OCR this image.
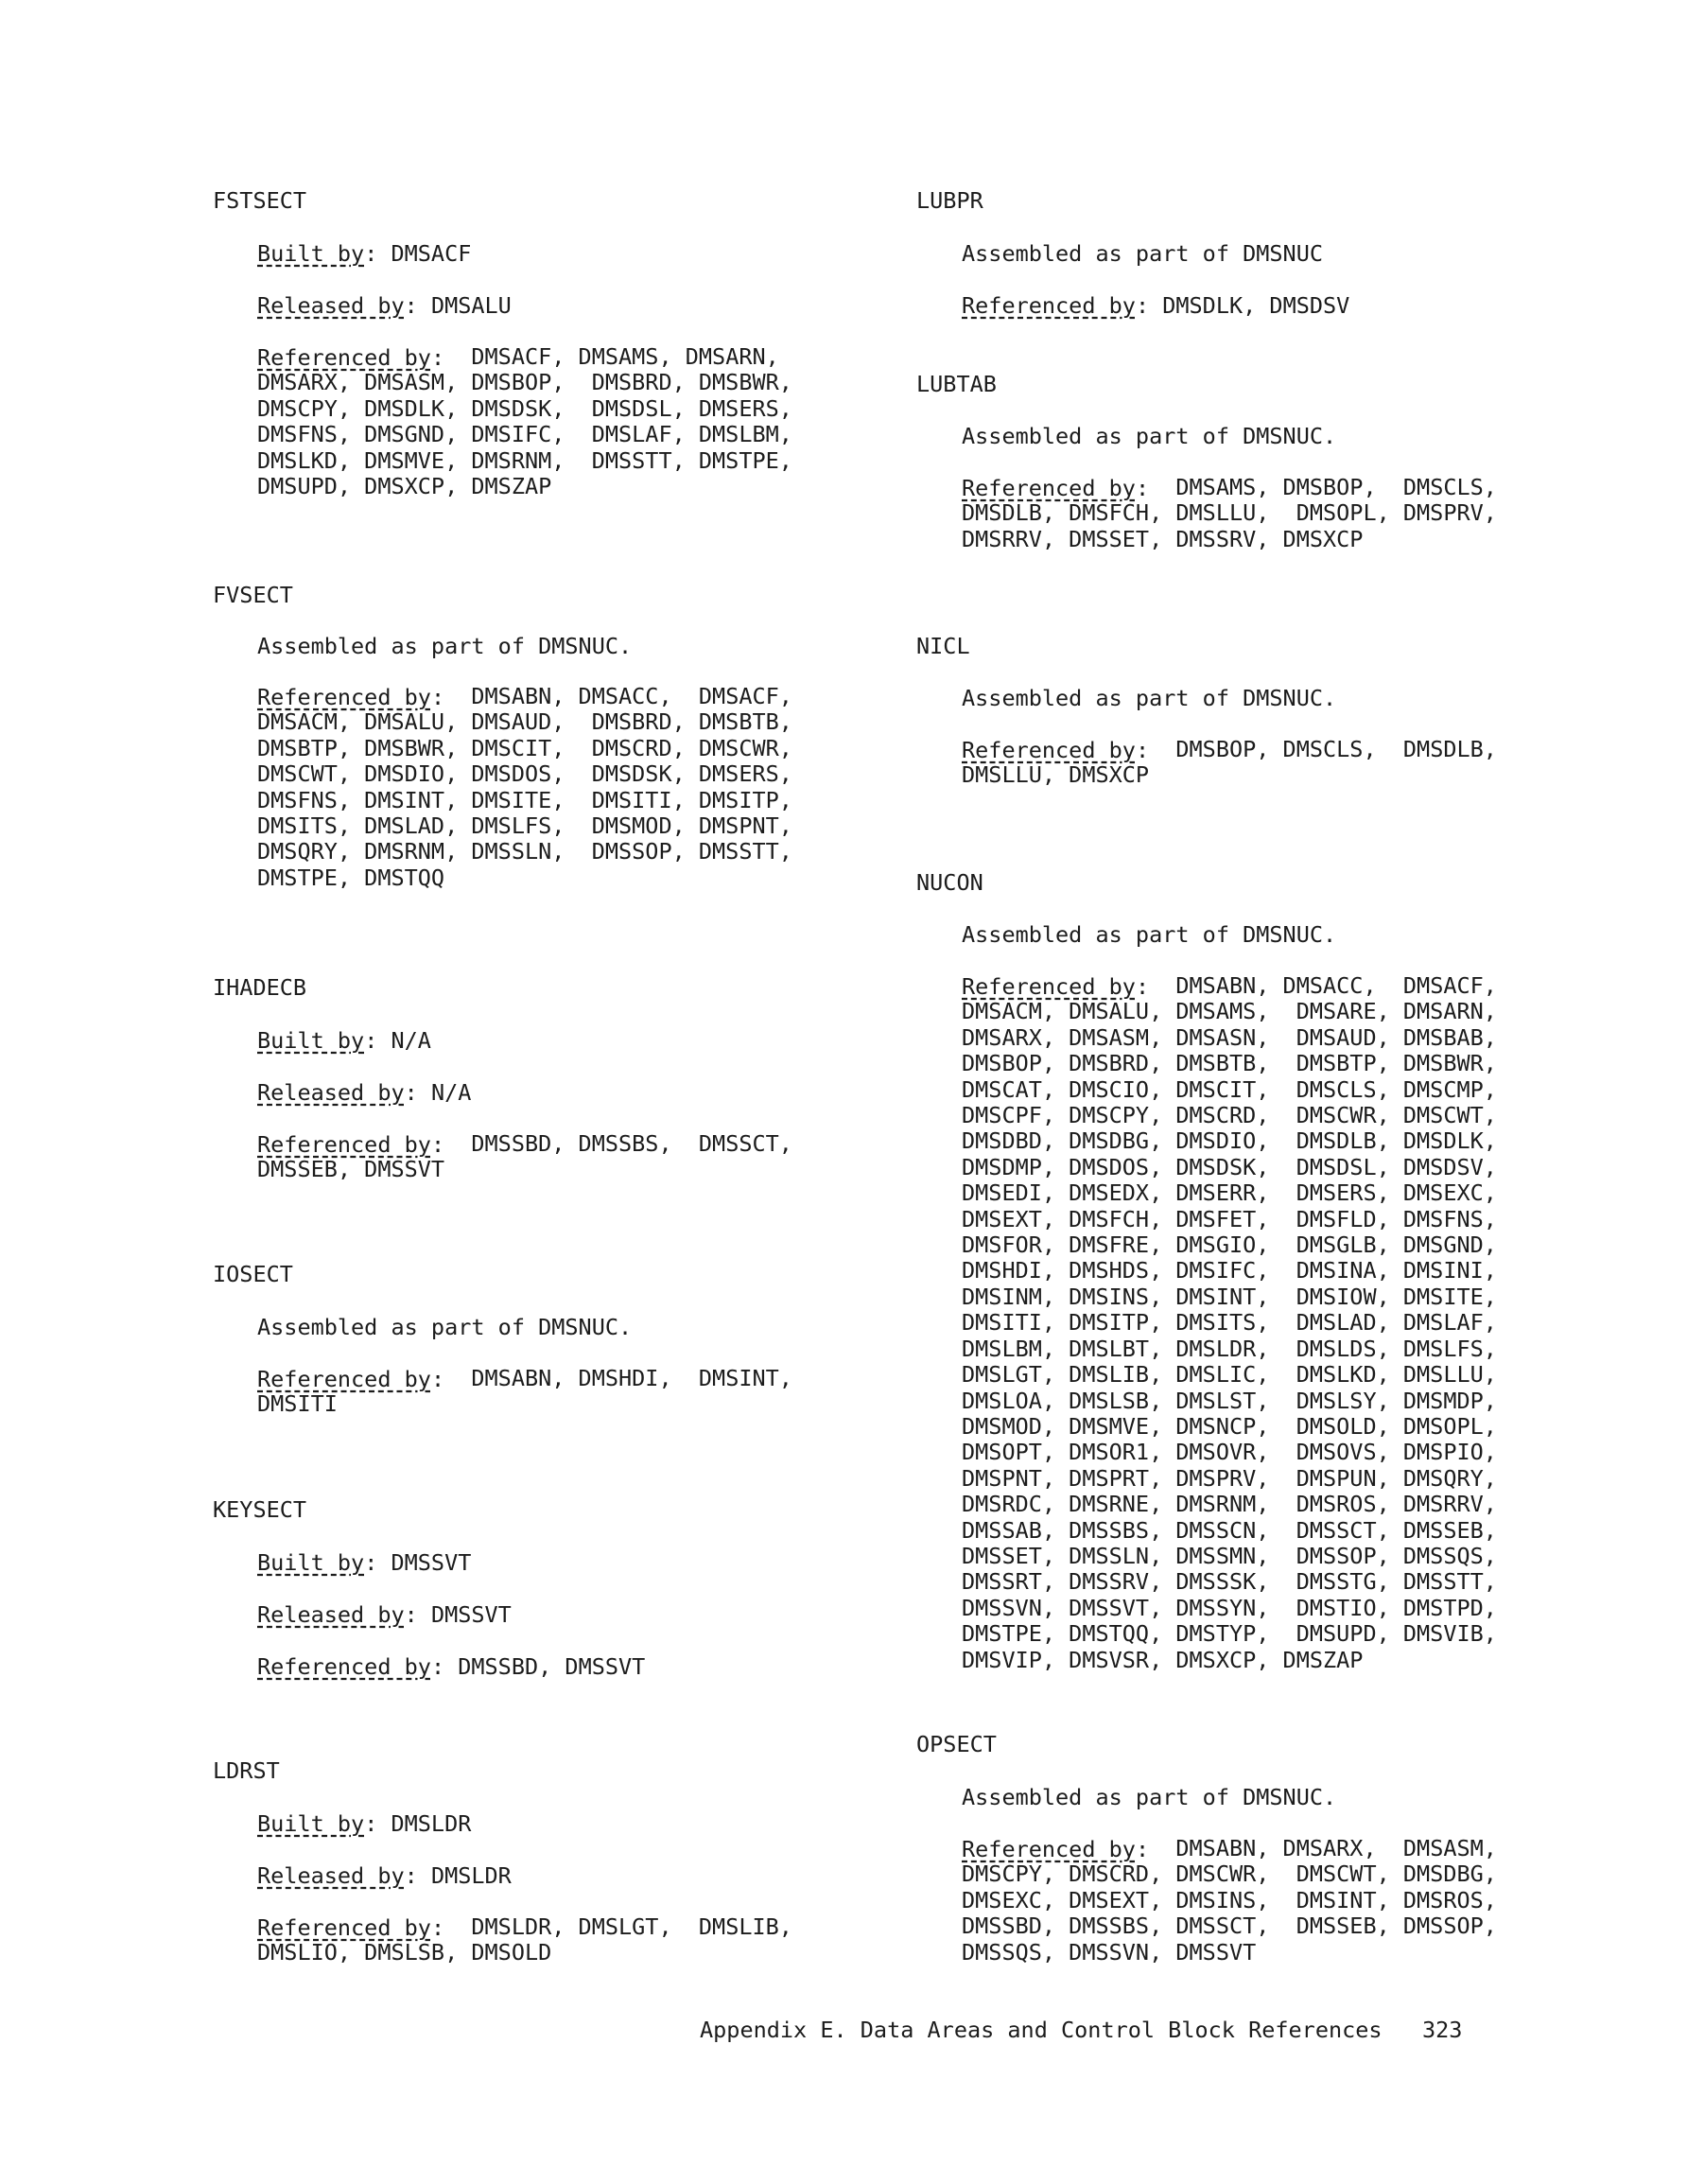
FSTSECT
Built by: DMSACF
Released by: DMSALU
Referenced by:	DMSACF, DMSAMS, DMSARN,
DMSARX, DMSASM, DMSBOP,  DMSBRD, DMSBWR,
DMSCPY, DMSDLK, DMSDSK,  DMSDSL, DMSERS,
DMSFNS, DMSGND, DMSIFC,  DMSLAF, DMSLBM,
DMSLKD, DMSMVE, DMSRNM,  DMSSTT, DMSTPE,
DMSUPD, DMSXCP, DMSZAP
FVSECT
Assembled as part of DMSNUC.
Referenced by:	DMSABN, DMSACC,  DMSACF,
DMSACM, DMSALU, DMSAUD,  DMSBRD, DMSBTB,
DMSBTP, DMSBWR, DMSCIT,  DMSCRD, DMSCWR,
DMSCWT, DMSDIO, DMSDOS,  DMSDSK, DMSERS,
DMSFNS, DMSINT, DMSITE,  DMSITI, DMSITP,
DMSITS, DMSLAD, DMSLFS,  DMSMOD, DMSPNT,
DMSQRY, DMSRNM, DMSSLN,  DMSSOP, DMSSTT,
DMSTPE, DMSTQQ
IHADECB
Built by: N/A
Released by: N/A
Referenced by:	DMSSBD, DMSSBS,  DMSSCT,
DMSSEB, DMSSVT
IOSECT
Assembled as part of DMSNUC.
Referenced by:	DMSABN, DMSHDI,  DMSINT,
DMSITI
KEYSECT
Built by: DMSSVT
Released by: DMSSVT
Referenced by: DMSSBD, DMSSVT
LDRST
Built by: DMSLDR
Released by: DMSLDR
Referenced by:	DMSLDR, DMSLGT,  DMSLIB,
DMSLIO, DMSLSB, DMSOLD
LUBPR
Assembled as part of DMSNUC
Referenced by: DMSDLK, DMSDSV
LUBTAB
Assembled as part of DMSNUC.
Referenced by:	DMSAMS, DMSBOP,  DMSCLS,
DMSDLB, DMSFCH, DMSLLU,  DMSOPL, DMSPRV,
DMSRRV, DMSSET, DMSSRV, DMSXCP
NICL
Assembled as part of DMSNUC.
Referenced by:	DMSBOP, DMSCLS,  DMSDLB,
DMSLLU, DMSXCP
NUCON
Assembled as part of DMSNUC.
Referenced by:	DMSABN, DMSACC,  DMSACF,
DMSACM, DMSALU, DMSAMS,  DMSARE, DMSARN,
DMSARX, DMSASM, DMSASN,  DMSAUD, DMSBAB,
DMSBOP, DMSBRD, DMSBTB,  DMSBTP, DMSBWR,
DMSCAT, DMSCIO, DMSCIT,  DMSCLS, DMSCMP,
DMSCPF, DMSCPY, DMSCRD,  DMSCWR, DMSCWT,
DMSDBD, DMSDBG, DMSDIO,  DMSDLB, DMSDLK,
DMSDMP, DMSDOS, DMSDSK,  DMSDSL, DMSDSV,
DMSEDI, DMSEDX, DMSERR,  DMSERS, DMSEXC,
DMSEXT, DMSFCH, DMSFET,  DMSFLD, DMSFNS,
DMSFOR, DMSFRE, DMSGIO,  DMSGLB, DMSGND,
DMSHDI, DMSHDS, DMSIFC,  DMSINA, DMSINI,
DMSINM, DMSINS, DMSINT,  DMSIOW, DMSITE,
DMSITI, DMSITP, DMSITS,  DMSLAD, DMSLAF,
DMSLBM, DMSLBT, DMSLDR,  DMSLDS, DMSLFS,
DMSLGT, DMSLIB, DMSLIC,  DMSLKD, DMSLLU,
DMSLOA, DMSLSB, DMSLST,  DMSLSY, DMSMDP,
DMSMOD, DMSMVE, DMSNCP,  DMSOLD, DMSOPL,
DMSOPT, DMSOR1, DMSOVR,  DMSOVS, DMSPIO,
DMSPNT, DMSPRT, DMSPRV,  DMSPUN, DMSQRY,
DMSRDC, DMSRNE, DMSRNM,  DMSROS, DMSRRV,
DMSSAB, DMSSBS, DMSSCN,  DMSSCT, DMSSEB,
DMSSET, DMSSLN, DMSSMN,  DMSSOP, DMSSQS,
DMSSRT, DMSSRV, DMSSSK,  DMSSTG, DMSSTT,
DMSSVN, DMSSVT, DMSSYN,  DMSTIO, DMSTPD,
DMSTPE, DMSTQQ, DMSTYP,  DMSUPD, DMSVIB,
DMSVIP, DMSVSR, DMSXCP, DMSZAP
OPSECT
Assembled as part of DMSNUC.
Referenced by:	DMSABN, DMSARX,  DMSASM,
DMSCPY, DMSCRD, DMSCWR,  DMSCWT, DMSDBG,
DMSEXC, DMSEXT, DMSINS,  DMSINT, DMSROS,
DMSSBD, DMSSBS, DMSSCT,  DMSSEB, DMSSOP,
DMSSQS, DMSSVN, DMSSVT
Appendix E. Data Areas and Control Block References 323
